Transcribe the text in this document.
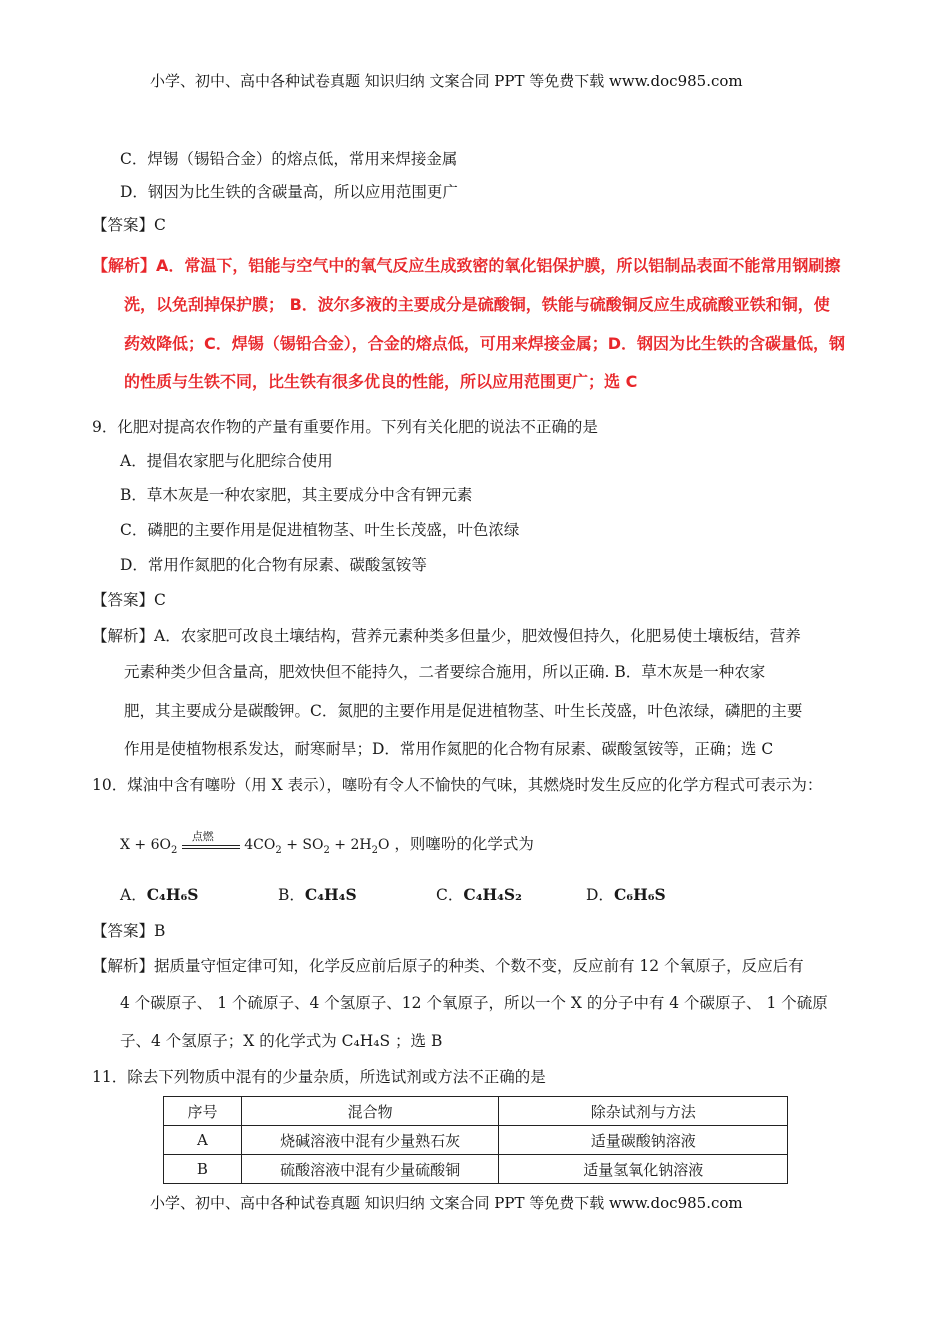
小学、初中、高中各种试卷真题 知识归纳 文案合同 PPT 等免费下载 www.doc985.com
C．焊锡（锡铅合金）的熔点低，常用来焊接金属
D．钢因为比生铁的含碳量高，所以应用范围更广
【答案】C
【解析】A．常温下，铝能与空气中的氧气反应生成致密的氧化铝保护膜，所以铝制品表面不能常用钢刷擦
洗，以免刮掉保护膜； B．波尔多液的主要成分是硫酸铜，铁能与硫酸铜反应生成硫酸亚铁和铜，使
药效降低；C．焊锡（锡铅合金），合金的熔点低，可用来焊接金属；D．钢因为比生铁的含碳量低，钢
的性质与生铁不同，比生铁有很多优良的性能，所以应用范围更广；选 C
9．化肥对提高农作物的产量有重要作用。下列有关化肥的说法不正确的是
A．提倡农家肥与化肥综合使用
B．草木灰是一种农家肥，其主要成分中含有钾元素
C．磷肥的主要作用是促进植物茎、叶生长茂盛，叶色浓绿
D．常用作氮肥的化合物有尿素、碳酸氢铵等
【答案】C
【解析】A．农家肥可改良土壤结构，营养元素种类多但量少，肥效慢但持久，化肥易使土壤板结，营养
元素种类少但含量高，肥效快但不能持久，二者要综合施用，所以正确. B．草木灰是一种农家
肥，其主要成分是碳酸钾。C．氮肥的主要作用是促进植物茎、叶生长茂盛，叶色浓绿，磷肥的主要
作用是使植物根系发达，耐寒耐旱；D．常用作氮肥的化合物有尿素、碳酸氢铵等，正确；选 C
10．煤油中含有噻吩（用 X 表示），噻吩有令人不愉快的气味，其燃烧时发生反应的化学方程式可表示为：
$X + 6O_2$
点燃
$4CO_2 + SO_2 + 2H_2O$ ，则噻吩的化学式为
A．C₄H₆S	B．C₄H₄S	C．C₄H₄S₂	D．C₆H₆S
【答案】B
【解析】据质量守恒定律可知，化学反应前后原子的种类、个数不变，反应前有 12 个氧原子，反应后有
4 个碳原子、 1 个硫原子、4 个氢原子、12 个氧原子，所以一个 X 的分子中有 4 个碳原子、 1 个硫原
子、4 个氢原子；X 的化学式为 C₄H₄S ；选 B
11．除去下列物质中混有的少量杂质，所选试剂或方法不正确的是
序号	混合物	除杂试剂与方法
A	烧碱溶液中混有少量熟石灰	适量碳酸钠溶液
B	硫酸溶液中混有少量硫酸铜	适量氢氧化钠溶液
小学、初中、高中各种试卷真题 知识归纳 文案合同 PPT 等免费下载 www.doc985.com
